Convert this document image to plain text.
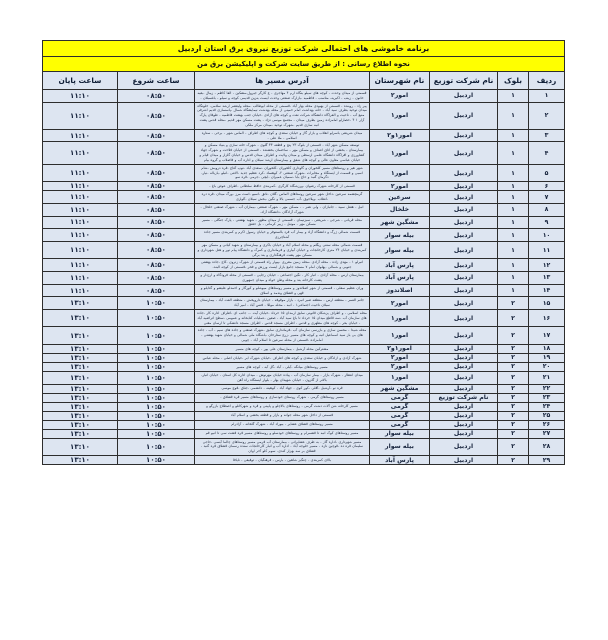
برنامه خاموشی های احتمالی شرکت توزیع نیروی برق استان اردبیل						
نحوه اطلاع رسانی : از طریق سایت شرکت و اپلیکیشن برق من						
ردیف	بلوک	نام شرکت توزیع	نام شهرستان	آدرس مسیر ها	ساعت شروع	ساعت پایان
۱	۱	اردبیل	امور۲	قسمتی از میدان وحدت - کوچه های سیلو بنگاه ارم ۴ مهاجری - ع کارگر جیرول-مشکین - الفا کاظم - زیبال -بقیه خانون - زینب - اکبریه- مناسب - فاطمیه -بازارک صنعتی وحدت ایست بنزین قدیمی کوچه و سیلو - باغسبلان -	۰۸:۵۰	۱۱:۱۰
۲	۱	اردبیل	امور۱	پیر زاد - روبنده - قسمتی از بهبودی محله بهار آباد -قسمتی از محله ابوطالب -محله ولیعصر ارشد سلامی- خلوتگاه میدان توحید بطرف سید آباد - خانه بهداشت امام خمینی از محله بهدشت نیمایشگاه شمال -پاسسازی قدیم اشرفی منبع آب - ناحیت و الفراگاه دانشگاه شرکت نفت و کوچه های آزادی -خیابان جنب بهشت فاطمیه - طوفان پارک آزار ۱ ۴ -حصارلو امامزاده زمین بطرف میدان - مجتمع موسی نژاد - پشت مسکن مهر قدیم -محله قدس پشت انبه سازی قدیم -شهرک توحید -میدان مرکز ملکی	۰۸:۵۰	۱۱:۱۰
۳	۱	اردبیل	امور۱و۲	میدان شریعتی باسرلو انقلاب و بازار گاز و خیابان سعدی و کوچه های اطراف - الماس شهر - برخی - ستاره اسلامی - ملا علی -	۰۸:۵۰	۱۱:۱۰
۴	۱	اردبیل	امور۱	توسعه مسکن شهر آباد - قسمتی از بلوک ۲۳ پنج و قطعه ۳۳ گلوی - شهرک خانه سازی و بنیاد مسکن و بیمارستان - بخشی از اتاق اصناف و مسکن مهر - ساختمان بخشنده - قسمتی از خیابان فلاحت و شهرک جهاد کشاورزی و افراگاه دانشگاه علمی ارسطی و میدان ولایت و اطراف میدان قدس و خیابان گلزار و میدان قیام و خیابان عباسی معاون عالی و کوچه های شفق و بیمارستان ارشد سبلان و اداره آب و فاضلاب و گروه بیام	۰۸:۵۰	۱۱:۱۰
۵	۱	اردبیل	امور۱	شهر هیر و روستاهای مسیر کلخوران و گاوداری کلخوران -کلخوران -سعدی آباد -توپ آغاج -قره درویش -شام اسبی و قسمت از ایستگاه و مخابرات -شهرک صنعتی ۲- کوهساد -کرد عظیم جدید -الانتی -انبلو -بازباله -نیار- دگرمان گنبد و حاج بابا -سمیان عمیران -ایچی -جرمی -قره سو	۰۸:۵۰	۱۱:۱۰
۶	۱	اردبیل	امور۲	قسمتی از کارخانه شهرک رضوان -ورزشگاه کارگری -کمربندی حافظ سلطانی -اطراف عوض باغ -	۰۸:۵۰	۱۱:۱۰
۷	۱	اردبیل	سرعین	گرمچشمه سرعین -داخل شهر سرعین روستاهای الماس -گلان -ناتق -اسبو -است مرز -ورگ میدان -قره دره -انقلاب -ویلاجوق -آب جسمی بالا و نگین -بخش سبلان -آلواری	۰۸:۵۰	۱۱:۱۰
۸	۱	اردبیل	خلخال	انبل - هفتل سبید - جانبازان - ولی نصر - - مسکن مهر - شهرک صنعتی -بیماران آب - شهرک صنعتی خلخال - شهرک آزادگان -دانشگاه آزاد-	۰۸:۵۰	۱۱:۱۰
۹	۱	اردبیل	مشگین شهر	محله قربانی - شرجی - شریعتی - سبزنیمان - قسمتی از میدان مطهر - شهید بهشتی - پارک جنگلی - مسیر مسکن مهر - موتبل - زیبر کرمانی - بل حقنق	۰۸:۵۰	۱۱:۱۰
۱۰	۱	اردبیل	بیله سوار	قسمت شمالی ژرگ و دانشگاه آزاد و بیمار آب فرد بالستوفر و خیابان رسول اکرم و کمربندی مسیر جاده آشناچرزی	۰۸:۵۰	۱۱:۱۰
۱۱	۱	اردبیل	بیله سوار	قسمت شمالی محله سنتی ریگلم و محله اسلام آباد و خیابان باکری و بیمارستان و شهید کیانی و مسکن مهر کمربندی و خیابان ۲۴ متری کارخانجات و خیابان آبیاری و فرمانداری و کمرک و دانشگاه پیام نور و هتل شهرداری و مسکن مهر پشت فرهنگداری و بند برگی	۰۸:۵۰	۱۱:۱۰
۱۲	۱	اردبیل	پارس آباد	انبرلو ۱ - مهدی زاده - محله آزادی -محله زمین مقرری -پیوار راه قسمتی از شهرک زنرون -کاج -جاده بهشتی جنوبی و شمالی -پهلوان امام ۷ مسجد جامع بازار ایست ورزش و فخر -قسمتی از کوچه البند-	۰۸:۵۰	۱۱:۱۰
۱۳	۱	اردبیل	پارس آباد	بیمارستان ارس - محله آزادی - انبار کار - نگین اجتماعی - خیابان رجایی - قسمتی از محله فرودگاه و ارژدار و پشت کارخانه بند و محله وطن خواه و میدان جمهوری	۰۸:۵۰	۱۱:۱۰
۱۴	۱	اردبیل	اصلاندوز	وران عظیم سفلی - قسمتی از شهر اصلاندوز و مسیر روستاهای میوشلو و کورگار و احمدلو علیشو و گدایلو و قهی و قشلاق وندمد و اسلاق	۰۸:۵۰	۱۱:۱۰
۱۵	۲	اردبیل	امور۲	جانم النسر - منطقه ارس - منطقه صبر انبرد - بازار موقوفه - خیابان داروپخش - منطقه الفت آباد - بیمارستان سبلان ناحیت اجتماعی۱ - انبه - محله موللا - فتس آباد - امیر آباد	۱۰:۵۰	۱۳:۱۰
۱۶	۲	اردبیل	امور۱	محله اسلامی - و اطراف پزشکان قانونی سابق ارمدان ۱۵ خرداد -خیابان آیت ... جانب ای -اطراف اداره کار -جاده های سازمان آب -سه قاطع میدان ۱۵ خرداد تا باغ سید آباد - صعین -عملیات کتابخانه و عمومی -سطح اتراضیه آباد - خیابان بحر - کوچه های مطهری و قدس - اطراف مسجد قدس - اطراف مسجد دانشکی تا ارسان مغنی	۱۰:۵۰	۱۳:۱۰
۱۷	۲	اردبیل	امور۱	محله شیدا - محسن سازی و بازرسی سازمان آب -فرمانداری سابق -شهرک صنعتی و جاده های سیم - آب - جاده های بی باز سید اسماعیل انبه و کوچه های مسیر -زرع ستارخان -باشگاه ملی شمالی و خیابان شهید بهشتی - امامزاده -قسمتی از محله سرعین تا اسلام آباد - چوبی	۱۰:۵۰	۱۳:۱۰
۱۸	۲	اردبیل	امور۱و۲	مشترکین محله آرشیل - بیمارستان علی پور - کوچه های مسیر	۱۰:۵۰	۱۳:۱۰
۱۹	۲	اردبیل	امور۲	شهرک آزادی و ازادگان و خیابان سعدی و کوچه های اطراف -خیابان شهرک ابر -خیابان اصلی - محله عباس	۱۰:۵۰	۱۳:۱۰
۲۰	۲	اردبیل	امور۲	مسیر روستاهای میانگه -آیلی - آباد -گل آبه - کوچه های مسیر	۱۰:۵۰	۱۳:۱۰
۲۱	۲	اردبیل	امور۱	میدان انتظار - شهرک بازار - بیمار سازمان آب - پیاده خیابان مهرنوش - میدان اداره کل استان - خیابان انبار- بالاتر از گلزون - خیابان شهیدان بهار - بلوار ایستگاه راه آهن	۱۰:۵۰	۱۳:۱۰
۲۲	۲	اردبیل	مشگین شهر	قره نو -آرشیل -آقلی -کور کوی - جهاد آباد - کوهینه - دانشمی -جناق -قوچ موسی	۱۰:۵۰	۱۳:۱۰
۲۳	۲	نام شرکت توزیع	گرمی	مسیر روستاهای گرمی - شهرک روستای خودسازی و روستاهای مسیر قره قشلاق -	۱۰:۵۰	۱۳:۱۰
۲۴	۲	اردبیل	گرمی	مسیر کارخانه شن آلات دشت گرمی - روستاهای بالاچلو و پایینی و قره و شهرکانلو و اصطلاح بازرگو و	۱۰:۵۰	۱۳:۱۰
۲۵	۲	اردبیل	گرمی	قسمتی از داخل شهر محله جوانه و بازار و قطعه بخشی و اسلام آباد	۱۰:۵۰	۱۳:۱۰
۲۶	۲	اردبیل	گرمی	مسیر روستاهای قشلاق عشایر - بیوراد آباد - شهرک گلخانه - آزادرام	۱۰:۵۰	۱۳:۱۰
۲۷	۲	اردبیل	بیله سوار	مسیر روستاهای کوک انبه تا قشمرام و روستاهای خودسلو و روستاهای مسیر قره قشت سی تا انبو قم	۱۰:۵۰	۱۳:۱۰
۲۸	۲	اردبیل	بیله سوار	مسیر شهرداری -اداره گاز - به طرف عشایراتی - بیمارستان آب قرمی مسیر روستاهای چالما آبسی -حاجی سلیمان قره ده -قوچین نازه - مسیر خلوجه آباد - اداره آب و انبار کارخانجات سنده رسمان قشلاق قره گنبد - قشلاق بر سه بهزار کندی- سوم کلو آخر اوان	۱۰:۵۰	۱۳:۱۰
۲۹	۲	اردبیل	پارس آباد	بالای کمربندی - چنگیز شاهین - بارس - فرهنگیان - توفیقی - نایافا	۱۰:۵۰	۱۳:۱۰
